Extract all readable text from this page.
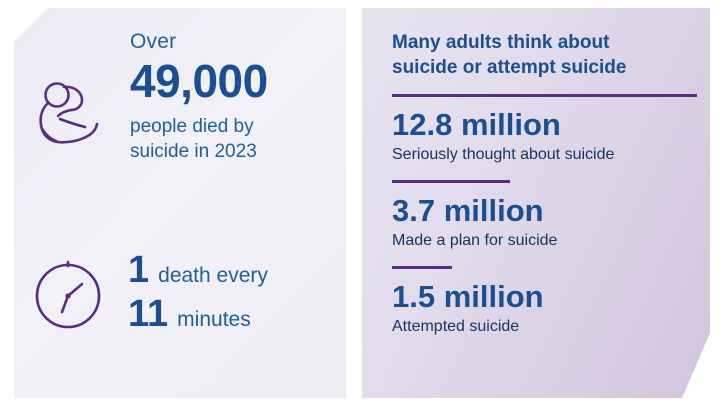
Over
49,000
people died by
suicide in 2023
1 death every
11 minutes
Many adults think about
suicide or attempt suicide
12.8 million
Seriously thought about suicide
3.7 million
Made a plan for suicide
1.5 million
Attempted suicide
